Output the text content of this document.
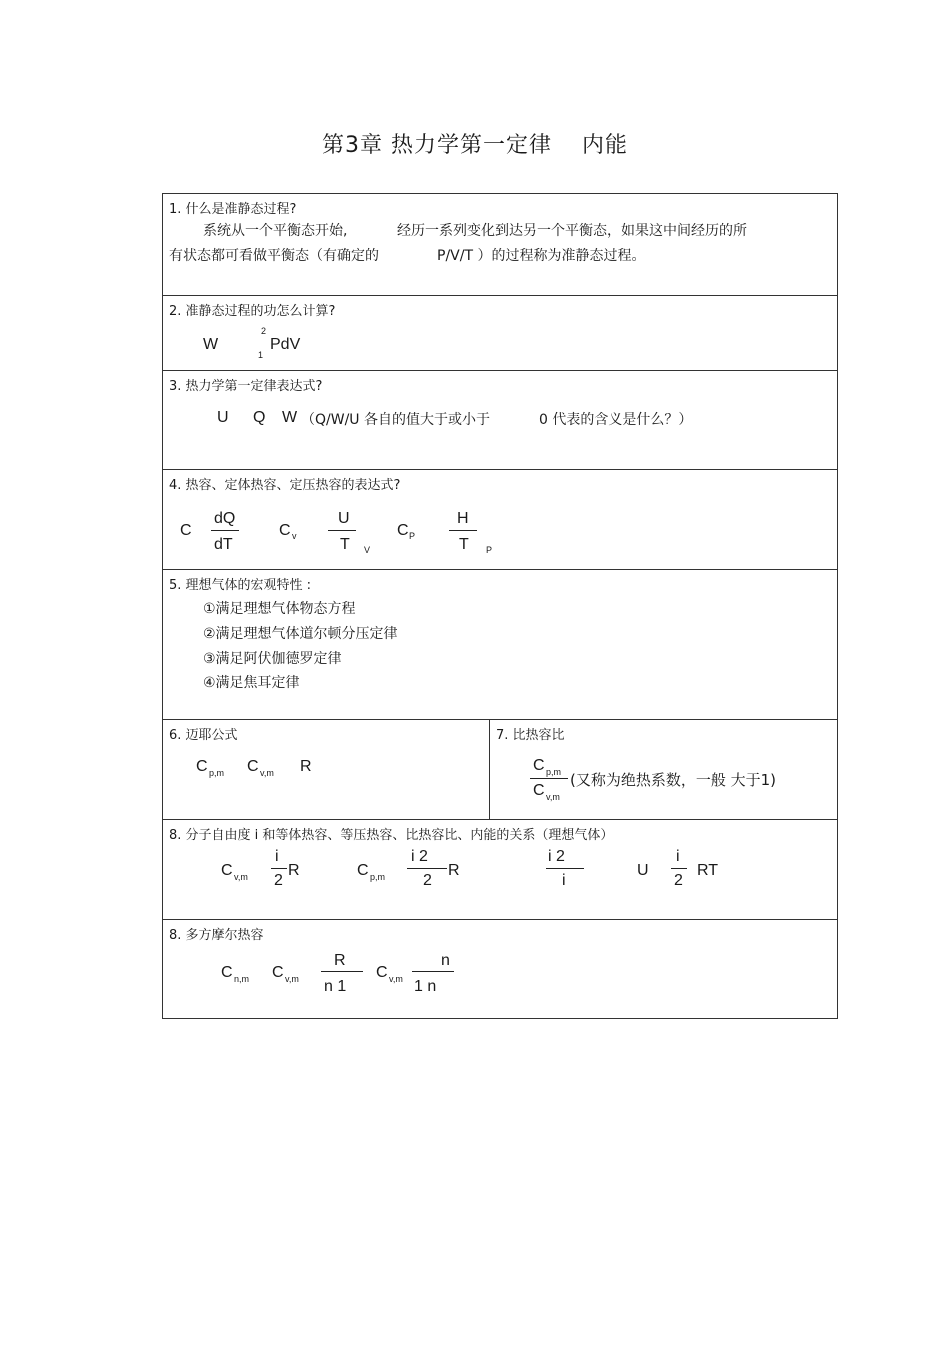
第3章 热力学第一定律 内能
1. 什么是准静态过程?
系统从一个平衡态开始,	经历一系列变化到达另一个平衡态，如果这中间经历的所
有状态都可看做平衡态（有确定的	P/V/T ）的过程称为准静态过程。
2. 准静态过程的功怎么计算?
W
2
1
PdV
3. 热力学第一定律表达式?
U Q W （Q/W/U 各自的值大于或小于	0 代表的含义是什么？）
4. 热容、定体热容、定压热容的表达式?
C
dQ
dT
C v
U
T V
C P
H
T P
5. 理想气体的宏观特性 :
①满足理想气体物态方程
②满足理想气体道尔顿分压定律
③满足阿伏伽德罗定律
④满足焦耳定律
6. 迈耶公式
C p,m C v,m R
7. 比热容比
C p,m
C v,m
(又称为绝热系数，一般 大于1)
8. 分子自由度 i 和等体热容、等压热容、比热容比、内能的关系（理想气体）
C v,m
i
2
R	C p,m
i 2
2
R
i 2
i
U
i
2
RT
8. 多方摩尔热容
C n,m C v,m
R
n 1
C v,m
n
1 n
